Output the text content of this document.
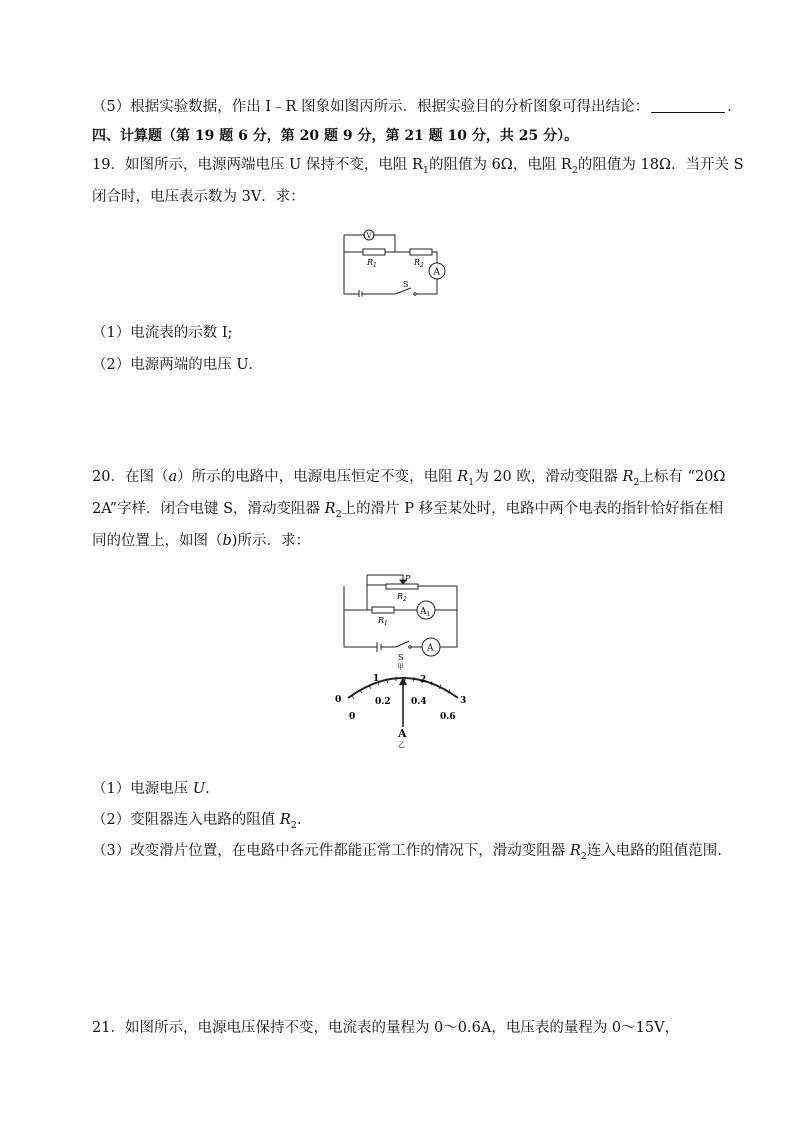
（5）根据实验数据，作出 I﹣R 图象如图丙所示．根据实验目的分析图象可得出结论：	．
四、计算题（第 19 题 6 分，第 20 题 9 分，第 21 题 10 分，共 25 分）。
19．如图所示，电源两端电压 U 保持不变，电阻 $R_1$的阻值为 6Ω，电阻 $R_2$的阻值为 18Ω．当开关 S
闭合时，电压表示数为 3V．求：
V
A
$R_1$	$R_2$
S
（1）电流表的示数 I;
（2）电源两端的电压 U．
20．在图（a）所示的电路中，电源电压恒定不变，电阻 $R_1$为 20 欧，滑动变阻器 $R_2$上标有 “20Ω
2A”字样．闭合电键 S，滑动变阻器 $R_2$上的滑片 P 移至某处时，电路中两个电表的指针恰好指在相
同的位置上，如图（b)所示．求：
P
$R_2$
$R_1$
$A_1$
A
S
甲
0
1	2
3
0
0.2 0.4
0.6
A
乙
（1）电源电压 U.
（2）变阻器连入电路的阻值 $R_2$.
（3）改变滑片位置，在电路中各元件都能正常工作的情况下，滑动变阻器 $R_2$连入电路的阻值范围.
21．如图所示，电源电压保持不变，电流表的量程为 0～0.6A，电压表的量程为 0～15V，
